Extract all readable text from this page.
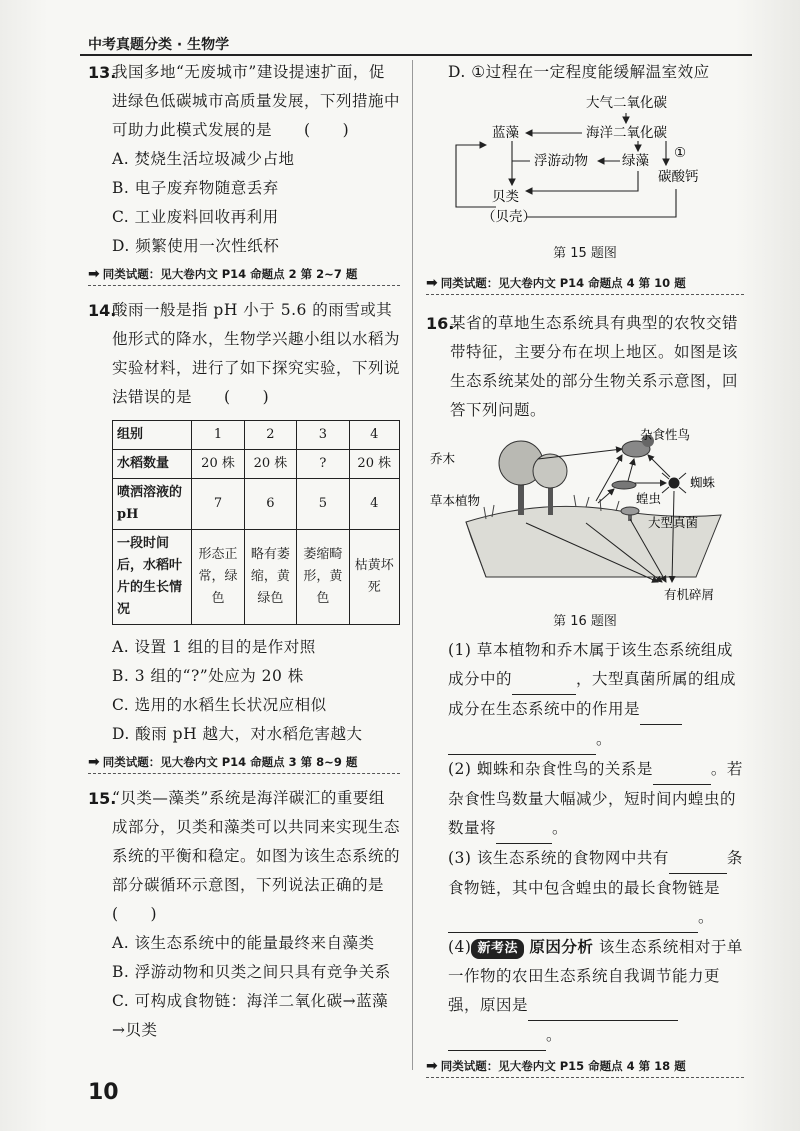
中考真题分类 · 生物学
13.
我国多地“无废城市”建设提速扩面，促进绿色低碳城市高质量发展，下列措施中可助力此模式发展的是　　 (　　)
A. 焚烧生活垃圾减少占地
B. 电子废弃物随意丢弃
C. 工业废料回收再利用
D. 频繁使用一次性纸杯
➡ 同类试题：见大卷内文 P14 命题点 2 第 2~7 题
14.
酸雨一般是指 pH 小于 5.6 的雨雪或其他形式的降水，生物学兴趣小组以水稻为实验材料，进行了如下探究实验，下列说法错误的是　　 (　　)
组别	1	2	3	4
水稻数量	20 株	20 株	?	20 株
喷洒溶液的 pH	7	6	5	4
一段时间后，水稻叶片的生长情况	形态正常，绿色	略有萎缩，黄绿色	萎缩畸形，黄色	枯黄坏死
A. 设置 1 组的目的是作对照
B. 3 组的“?”处应为 20 株
C. 选用的水稻生长状况应相似
D. 酸雨 pH 越大，对水稻危害越大
➡ 同类试题：见大卷内文 P14 命题点 3 第 8~9 题
15.
“贝类—藻类”系统是海洋碳汇的重要组成部分，贝类和藻类可以共同来实现生态系统的平衡和稳定。如图为该生态系统的部分碳循环示意图，下列说法正确的是　　(　　)
A. 该生态系统中的能量最终来自藻类
B. 浮游动物和贝类之间只具有竞争关系
C. 可构成食物链：海洋二氧化碳→蓝藻→贝类
D. ①过程在一定程度能缓解温室效应
大气二氧化碳
蓝藻	海洋二氧化碳
浮游动物	绿藻 ①
碳酸钙
贝类
（贝壳）
第 15 题图
➡ 同类试题：见大卷内文 P14 命题点 4 第 10 题
16.
某省的草地生态系统具有典型的农牧交错带特征，主要分布在坝上地区。如图是该生态系统某处的部分生物关系示意图，回答下列问题。
杂食性鸟
乔木
草本植物
蜘蛛
蝗虫
大型真菌
有机碎屑
第 16 题图
(1) 草本植物和乔木属于该生态系统组成成分中的	，大型真菌所属的组成成分在生态系统中的作用是
。
(2) 蜘蛛和杂食性鸟的关系是	。若杂食性鸟数量大幅减少，短时间内蝗虫的数量将	。
(3) 该生态系统的食物网中共有	条食物链，其中包含蝗虫的最长食物链是 。
(4) 新考法 原因分析 该生态系统相对于单一作物的农田生态系统自我调节能力更强，原因是
。
➡ 同类试题：见大卷内文 P15 命题点 4 第 18 题
10
